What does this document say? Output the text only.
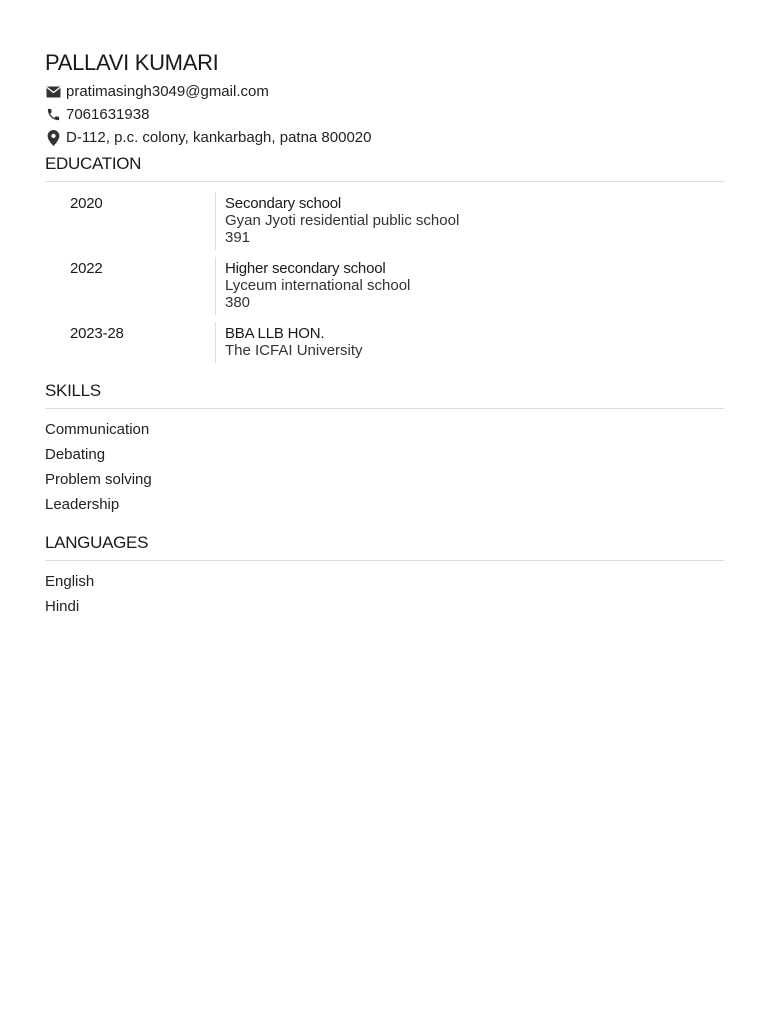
PALLAVI KUMARI
pratimasingh3049@gmail.com
7061631938
D-112, p.c. colony, kankarbagh, patna 800020
EDUCATION
2020	Secondary school
Gyan Jyoti residential public school
391
2022	Higher secondary school
Lyceum international school
380
2023-28	BBA LLB HON.
The ICFAI University
SKILLS
Communication
Debating
Problem solving
Leadership
LANGUAGES
English
Hindi
